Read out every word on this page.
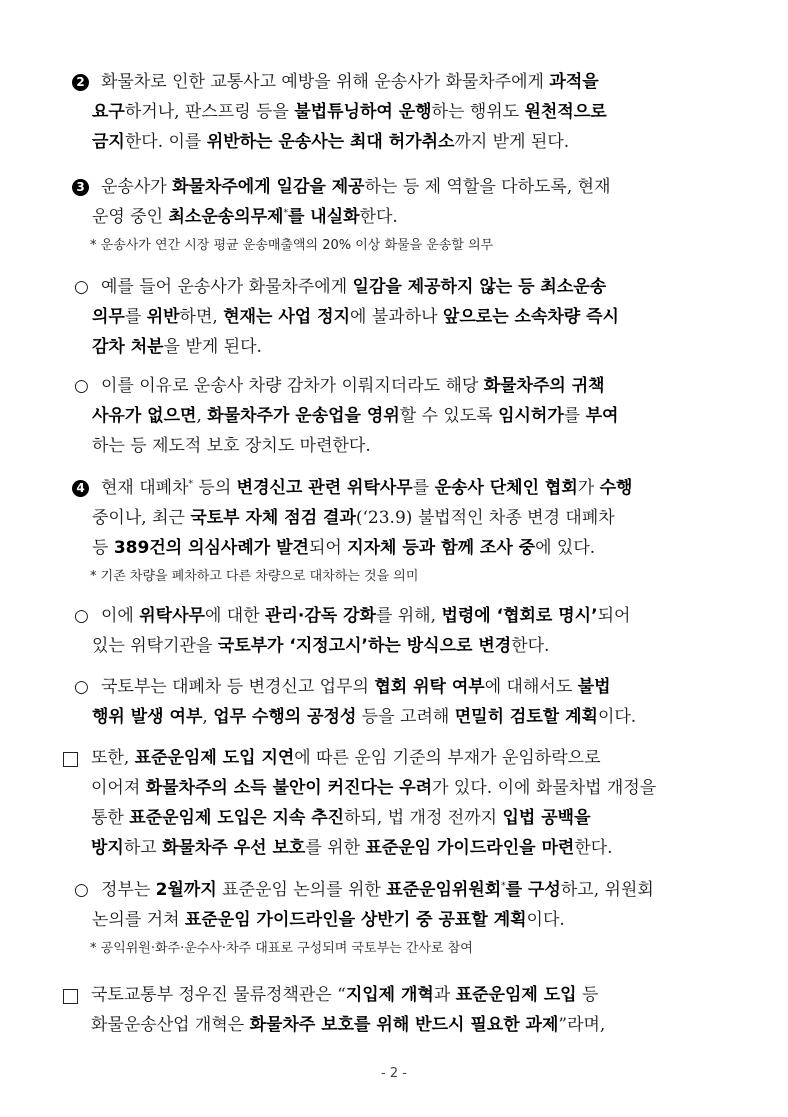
2 화물차로 인한 교통사고 예방을 위해 운송사가 화물차주에게 과적을
요구하거나, 판스프링 등을 불법튜닝하여 운행하는 행위도 원천적으로
금지한다. 이를 위반하는 운송사는 최대 허가취소까지 받게 된다.
3 운송사가 화물차주에게 일감을 제공하는 등 제 역할을 다하도록, 현재
운영 중인 최소운송의무제*를 내실화한다.
* 운송사가 연간 시장 평균 운송매출액의 20% 이상 화물을 운송할 의무
○ 예를 들어 운송사가 화물차주에게 일감을 제공하지 않는 등 최소운송
의무를 위반하면, 현재는 사업 정지에 불과하나 앞으로는 소속차량 즉시
감차 처분을 받게 된다.
○ 이를 이유로 운송사 차량 감차가 이뤄지더라도 해당 화물차주의 귀책
사유가 없으면, 화물차주가 운송업을 영위할 수 있도록 임시허가를 부여
하는 등 제도적 보호 장치도 마련한다.
4 현재 대폐차* 등의 변경신고 관련 위탁사무를 운송사 단체인 협회가 수행
중이나, 최근 국토부 자체 점검 결과(‘23.9) 불법적인 차종 변경 대폐차
등 389건의 의심사례가 발견되어 지자체 등과 함께 조사 중에 있다.
* 기존 차량을 폐차하고 다른 차량으로 대차하는 것을 의미
○ 이에 위탁사무에 대한 관리·감독 강화를 위해, 법령에 ‘협회로 명시’되어
있는 위탁기관을 국토부가 ‘지정고시’하는 방식으로 변경한다.
○ 국토부는 대폐차 등 변경신고 업무의 협회 위탁 여부에 대해서도 불법
행위 발생 여부, 업무 수행의 공정성 등을 고려해 면밀히 검토할 계획이다.
또한, 표준운임제 도입 지연에 따른 운임 기준의 부재가 운임하락으로
이어져 화물차주의 소득 불안이 커진다는 우려가 있다. 이에 화물차법 개정을
통한 표준운임제 도입은 지속 추진하되, 법 개정 전까지 입법 공백을
방지하고 화물차주 우선 보호를 위한 표준운임 가이드라인을 마련한다.
○ 정부는 2월까지 표준운임 논의를 위한 표준운임위원회*를 구성하고, 위원회
논의를 거쳐 표준운임 가이드라인을 상반기 중 공표할 계획이다.
* 공익위원·화주·운수사·차주 대표로 구성되며 국토부는 간사로 참여
국토교통부 정우진 물류정책관은 “지입제 개혁과 표준운임제 도입 등
화물운송산업 개혁은 화물차주 보호를 위해 반드시 필요한 과제”라며,
- 2 -
